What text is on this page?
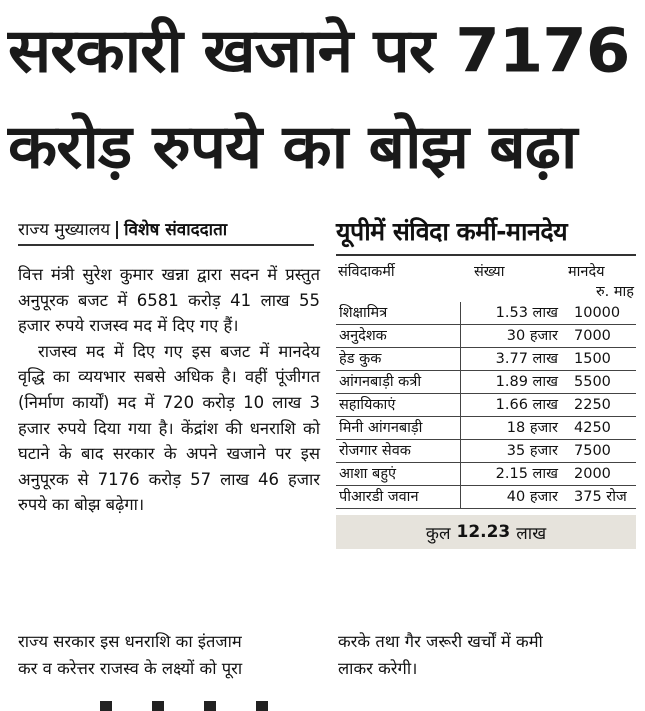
सरकारी खजाने पर 7176
करोड़ रुपये का बोझ बढ़ा
राज्य मुख्यालय विशेष संवाददाता

वित्त मंत्री सुरेश कुमार खन्ना द्वारा सदन में प्रस्तुत अनुपूरक बजट में 6581 करोड़ 41 लाख 55 हजार रुपये राजस्व मद में दिए गए हैं।

राजस्व मद में दिए गए इस बजट में मानदेय वृद्धि का व्ययभार सबसे अधिक है। वहीं पूंजीगत (निर्माण कार्यों) मद में 720 करोड़ 10 लाख 3 हजार रुपये दिया गया है। केंद्रांश की धनराशि को घटाने के बाद सरकार के अपने खजाने पर इस अनुपूरक से 7176 करोड़ 57 लाख 46 हजार रुपये का बोझ बढ़ेगा।

यूपीमें संविदा कर्मी-मानदेय
संविदाकर्मी	संख्या	मानदेय
रु. माह

शिक्षामित्र	1.53 लाख	10000
अनुदेशक	30 हजार	7000
हेड कुक	3.77 लाख	1500
आंगनबाड़ी कत्री	1.89 लाख	5500
सहायिकाएं	1.66 लाख	2250
मिनी आंगनबाड़ी	18 हजार	4250
रोजगार सेवक	35 हजार	7500
आशा बहुएं	2.15 लाख	2000
पीआरडी जवान	40 हजार	375 रोज
कुल 12.23 लाख
राज्य सरकार इस धनराशि का इंतजाम	करके तथा गैर जरूरी खर्चों में कमी
कर व करेत्तर राजस्व के लक्ष्यों को पूरा	लाकर करेगी।
